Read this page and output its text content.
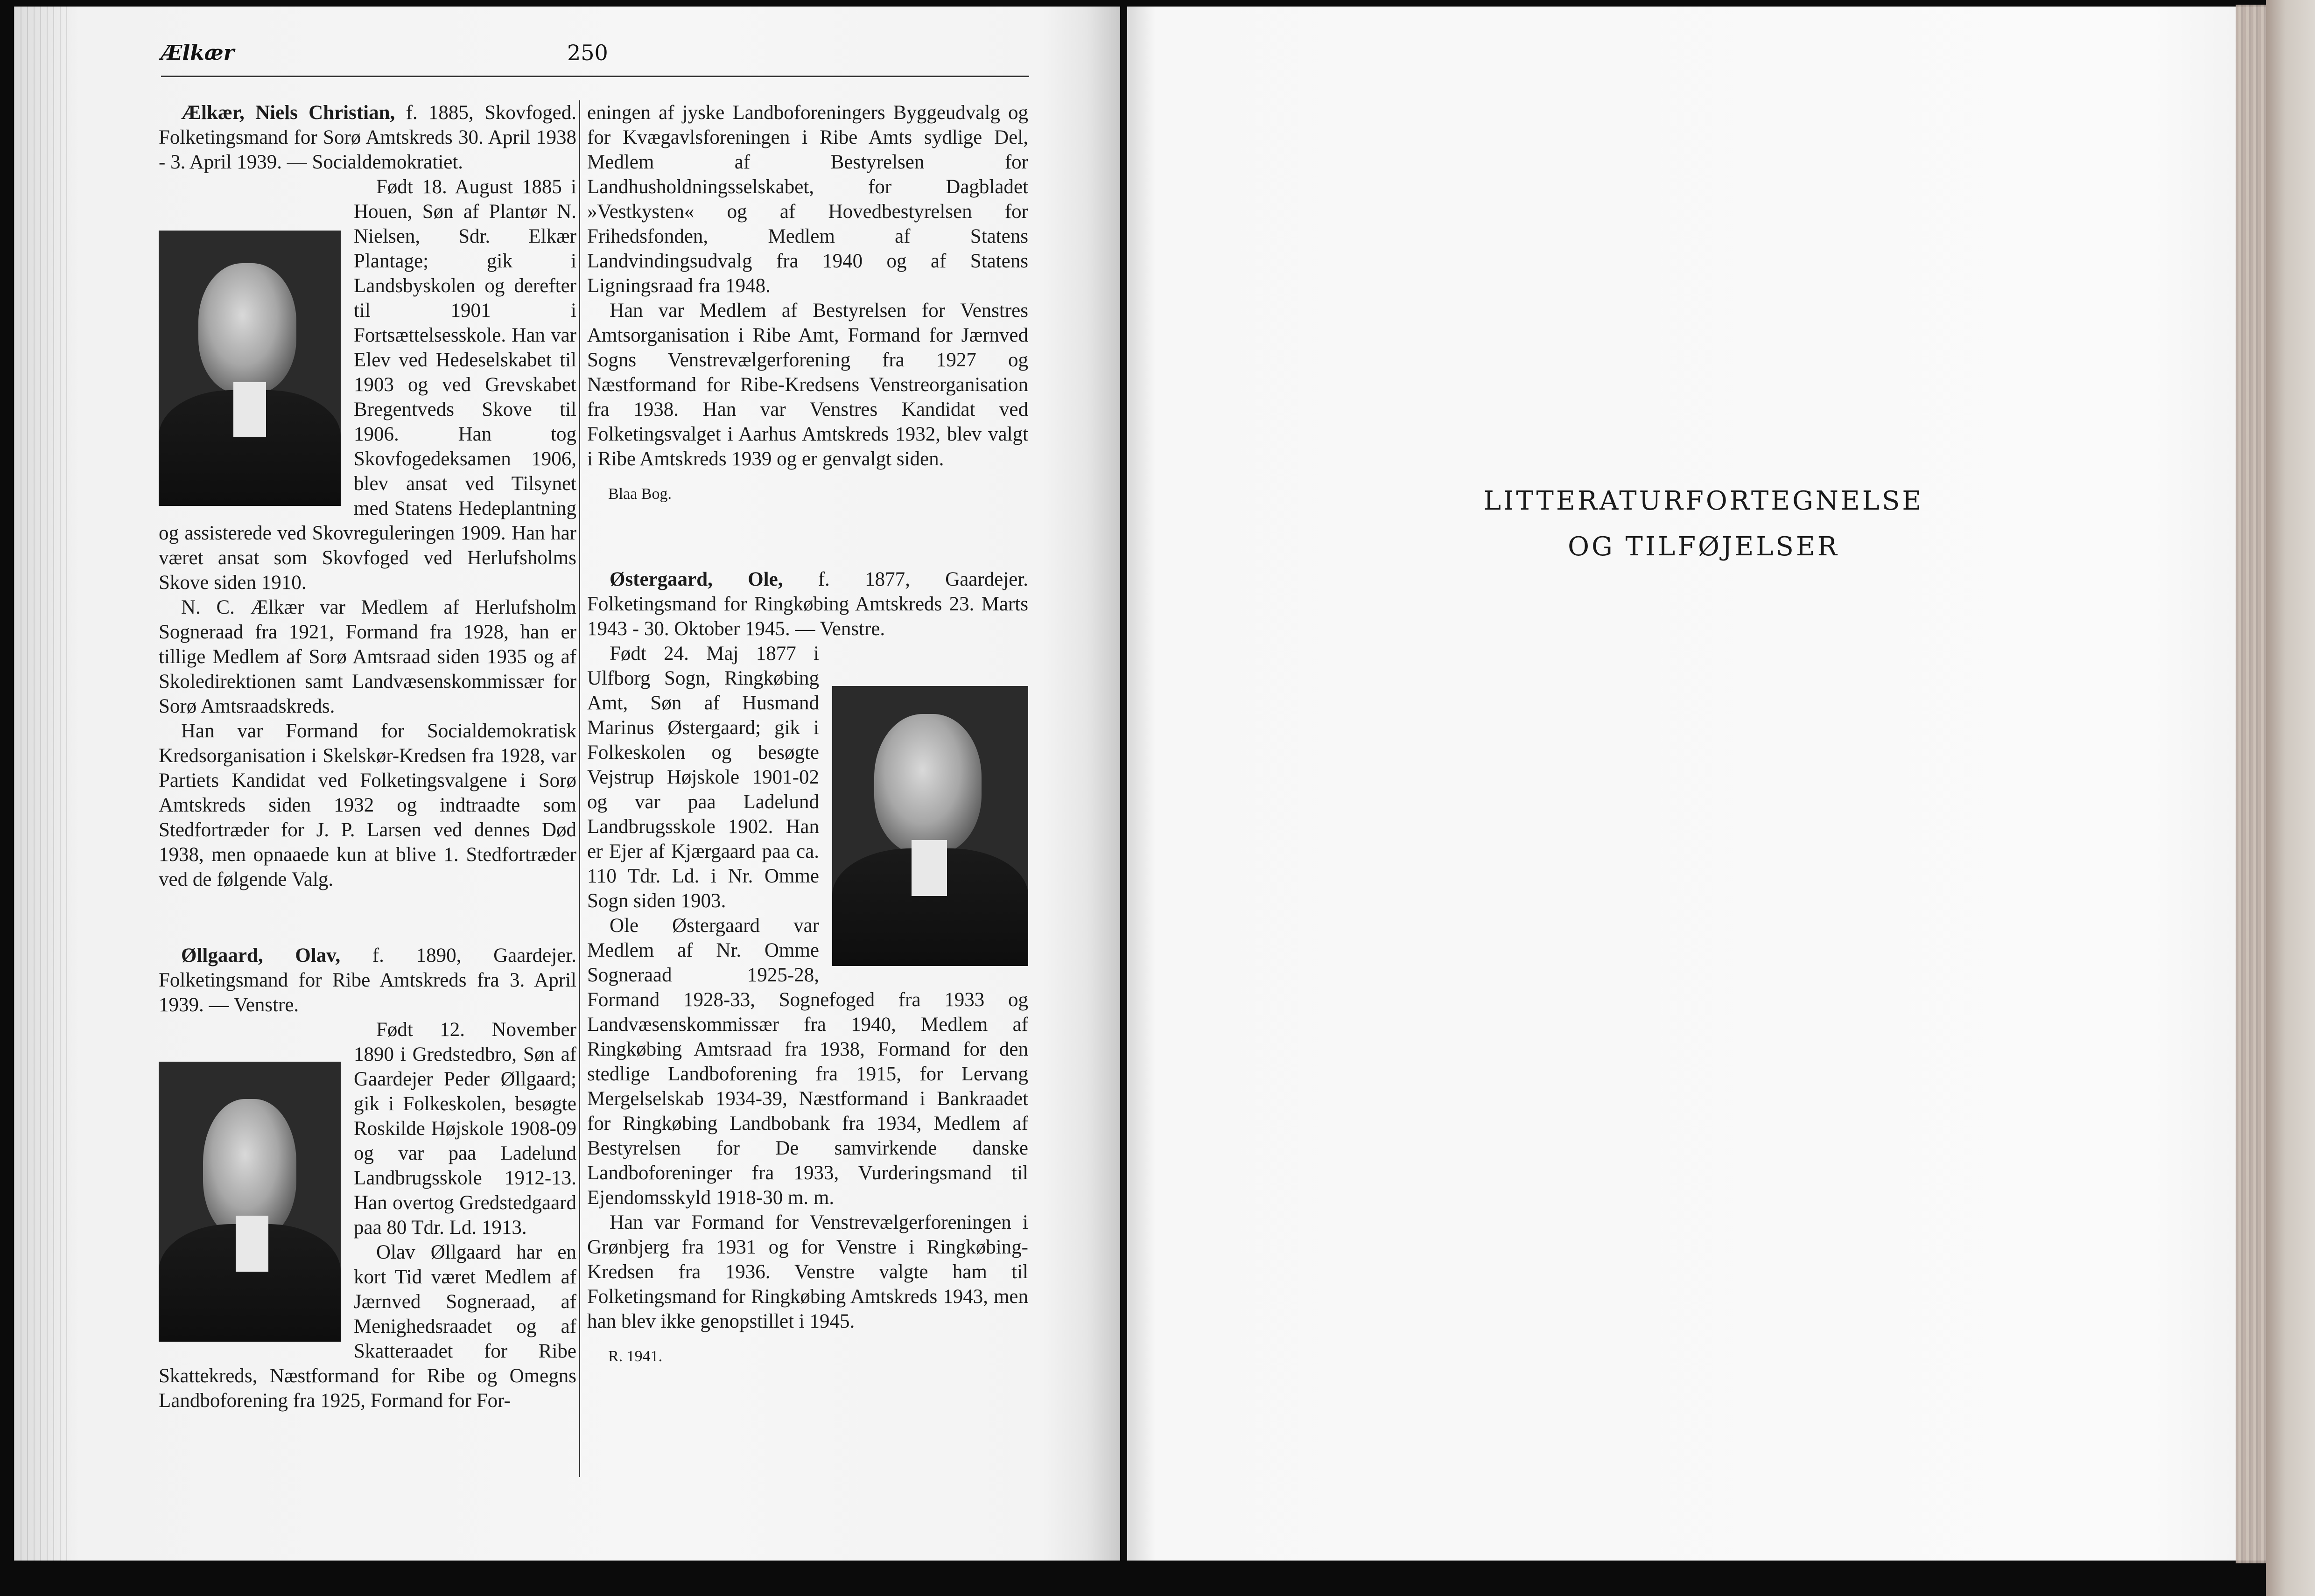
Ælkær	250

Ælkær, Niels Christian, f. 1885, Skovfoged. Folketingsmand for Sorø Amtskreds 30. April 1938 - 3. April 1939. — Socialdemokratiet.

Født 18. August 1885 i Houen, Søn af Plantør N. Nielsen, Sdr. Elkær Plantage; gik i Landsbyskolen og derefter til 1901 i Fortsættelsesskole. Han var Elev ved Hedeselskabet til 1903 og ved Grevskabet Bregentveds Skove til 1906. Han tog Skovfogedeksamen 1906, blev ansat ved Tilsynet med Statens Hedeplantning og assisterede ved Skovreguleringen 1909. Han har været ansat som Skovfoged ved Herlufsholms Skove siden 1910.

N. C. Ælkær var Medlem af Herlufsholm Sogneraad fra 1921, Formand fra 1928, han er tillige Medlem af Sorø Amtsraad siden 1935 og af Skoledirektionen samt Landvæsenskommissær for Sorø Amtsraadskreds.

Han var Formand for Socialdemokratisk Kredsorganisation i Skelskør-Kredsen fra 1928, var Partiets Kandidat ved Folketingsvalgene i Sorø Amtskreds siden 1932 og indtraadte som Stedfortræder for J. P. Larsen ved dennes Død 1938, men opnaaede kun at blive 1. Stedfortræder ved de følgende Valg.

Øllgaard, Olav, f. 1890, Gaardejer. Folketingsmand for Ribe Amtskreds fra 3. April 1939. — Venstre.

Født 12. November 1890 i Gredstedbro, Søn af Gaardejer Peder Øllgaard; gik i Folkeskolen, besøgte Roskilde Højskole 1908-09 og var paa Ladelund Landbrugsskole 1912-13. Han overtog Gredstedgaard paa 80 Tdr. Ld. 1913.

Olav Øllgaard har en kort Tid været Medlem af Jærnved Sogneraad, af Menighedsraadet og af Skatteraadet for Ribe Skattekreds, Næstformand for Ribe og Omegns Landboforening fra 1925, Formand for For-

eningen af jyske Landboforeningers Byggeudvalg og for Kvægavlsforeningen i Ribe Amts sydlige Del, Medlem af Bestyrelsen for Landhusholdningsselskabet, for Dagbladet »Vestkysten« og af Hovedbestyrelsen for Frihedsfonden, Medlem af Statens Landvindingsudvalg fra 1940 og af Statens Ligningsraad fra 1948.

Han var Medlem af Bestyrelsen for Venstres Amtsorganisation i Ribe Amt, Formand for Jærnved Sogns Venstrevælgerforening fra 1927 og Næstformand for Ribe-Kredsens Venstreorganisation fra 1938. Han var Venstres Kandidat ved Folketingsvalget i Aarhus Amtskreds 1932, blev valgt i Ribe Amtskreds 1939 og er genvalgt siden.

Blaa Bog.

Østergaard, Ole, f. 1877, Gaardejer. Folketingsmand for Ringkøbing Amtskreds 23. Marts 1943 - 30. Oktober 1945. — Venstre.

Født 24. Maj 1877 i Ulfborg Sogn, Ringkøbing Amt, Søn af Husmand Marinus Østergaard; gik i Folkeskolen og besøgte Vejstrup Højskole 1901-02 og var paa Ladelund Landbrugsskole 1902. Han er Ejer af Kjærgaard paa ca. 110 Tdr. Ld. i Nr. Omme Sogn siden 1903.

Ole Østergaard var Medlem af Nr. Omme Sogneraad 1925-28, Formand 1928-33, Sognefoged fra 1933 og Landvæsenskommissær fra 1940, Medlem af Ringkøbing Amtsraad fra 1938, Formand for den stedlige Landboforening fra 1915, for Lervang Mergelselskab 1934-39, Næstformand i Bankraadet for Ringkøbing Landbobank fra 1934, Medlem af Bestyrelsen for De samvirkende danske Landboforeninger fra 1933, Vurderingsmand til Ejendomsskyld 1918-30 m. m.

Han var Formand for Venstrevælgerforeningen i Grønbjerg fra 1931 og for Venstre i Ringkøbing-Kredsen fra 1936. Venstre valgte ham til Folketingsmand for Ringkøbing Amtskreds 1943, men han blev ikke genopstillet i 1945.

R. 1941.

LITTERATURFORTEGNELSE
OG TILFØJELSER
